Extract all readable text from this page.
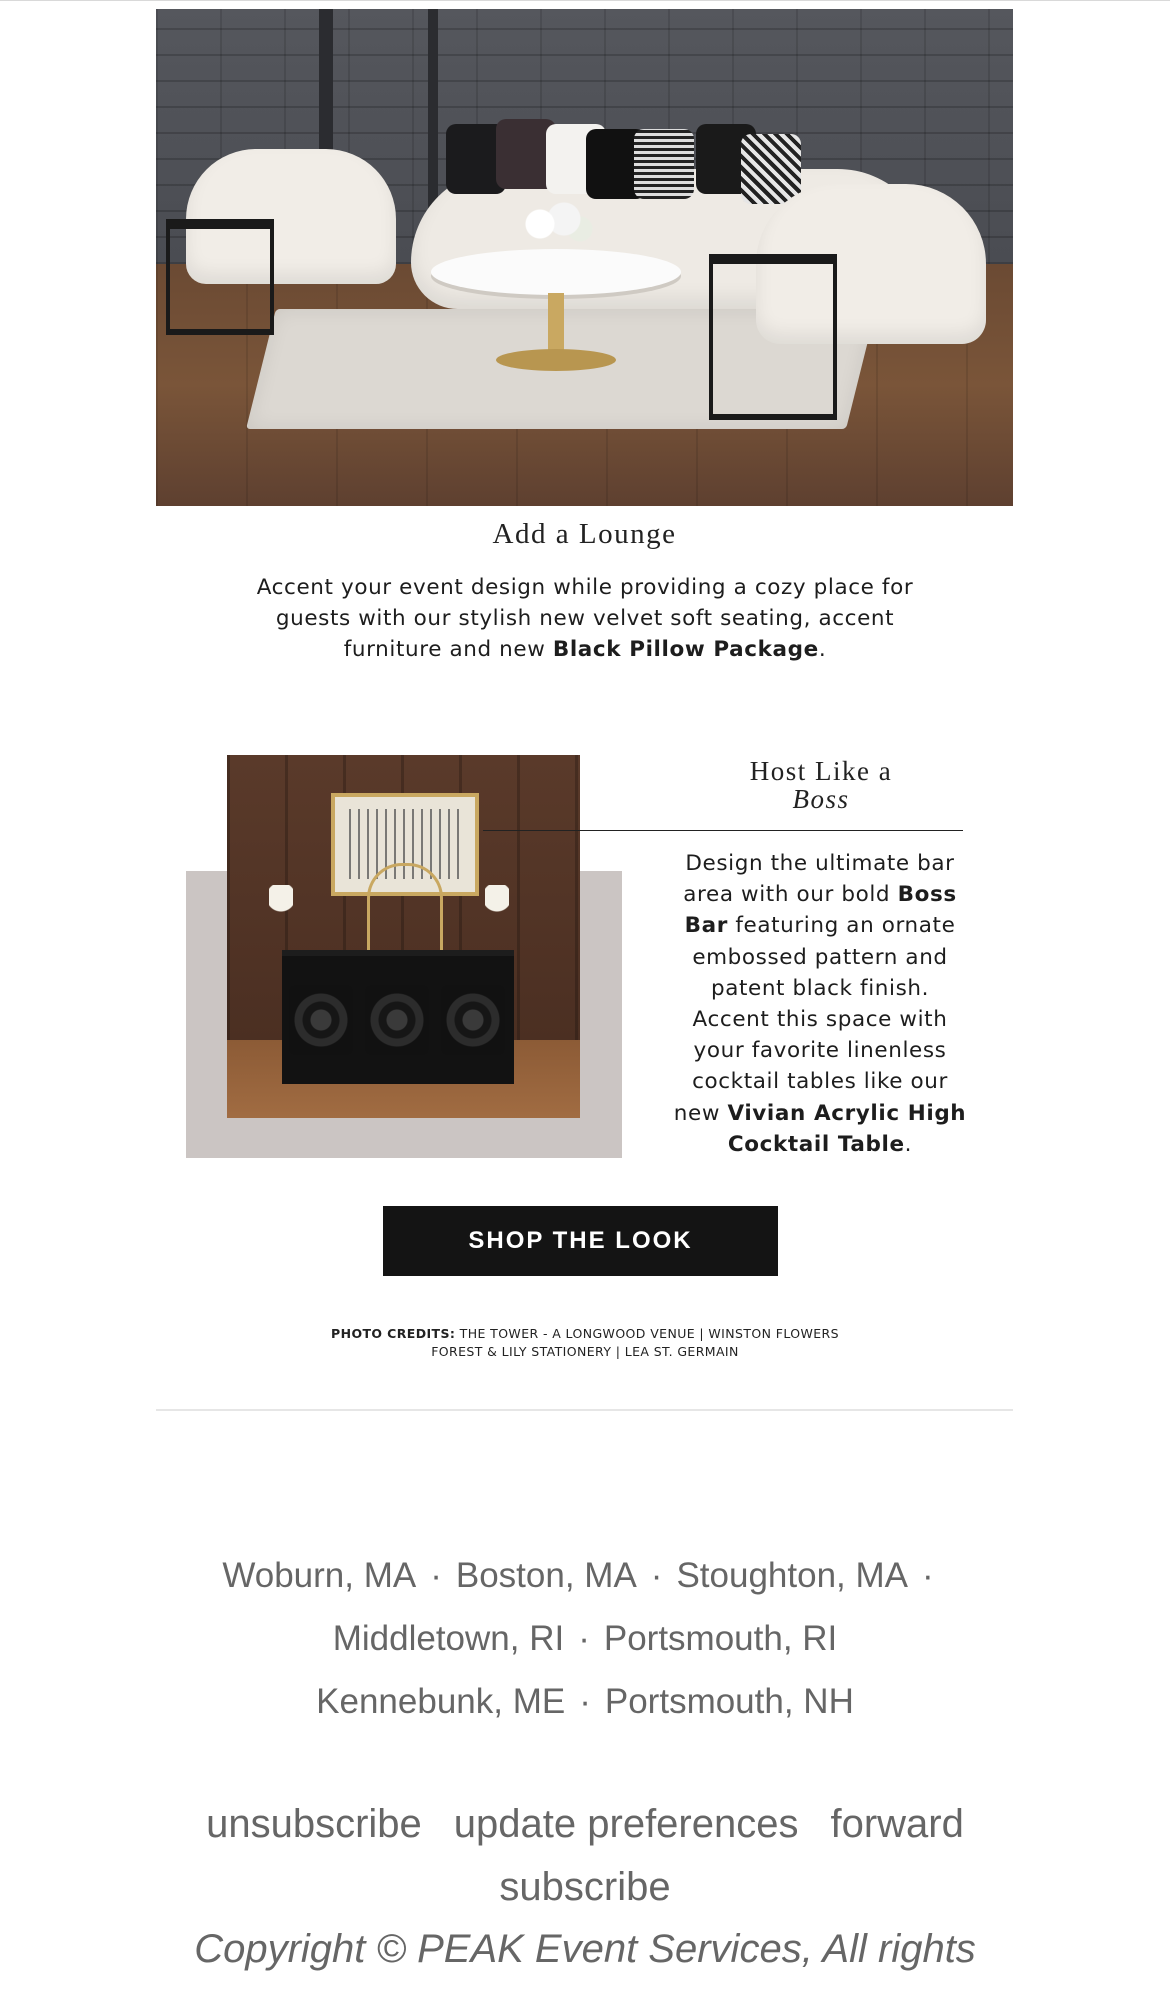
Add a Lounge
Accent your event design while providing a cozy place for guests with our stylish new velvet soft seating, accent furniture and new Black Pillow Package.
Host Like a
Boss
Design the ultimate bar area with our bold Boss Bar featuring an ornate embossed pattern and patent black finish. Accent this space with your favorite linenless cocktail tables like our new Vivian Acrylic High Cocktail Table.
SHOP THE LOOK
PHOTO CREDITS: THE TOWER - A LONGWOOD VENUE | WINSTON FLOWERS
FOREST & LILY STATIONERY | LEA ST. GERMAIN
Woburn, MA · Boston, MA · Stoughton, MA ·
Middletown, RI · Portsmouth, RI
Kennebunk, ME · Portsmouth, NH
unsubscribe update preferences forward
subscribe
Copyright © PEAK Event Services, All rights
